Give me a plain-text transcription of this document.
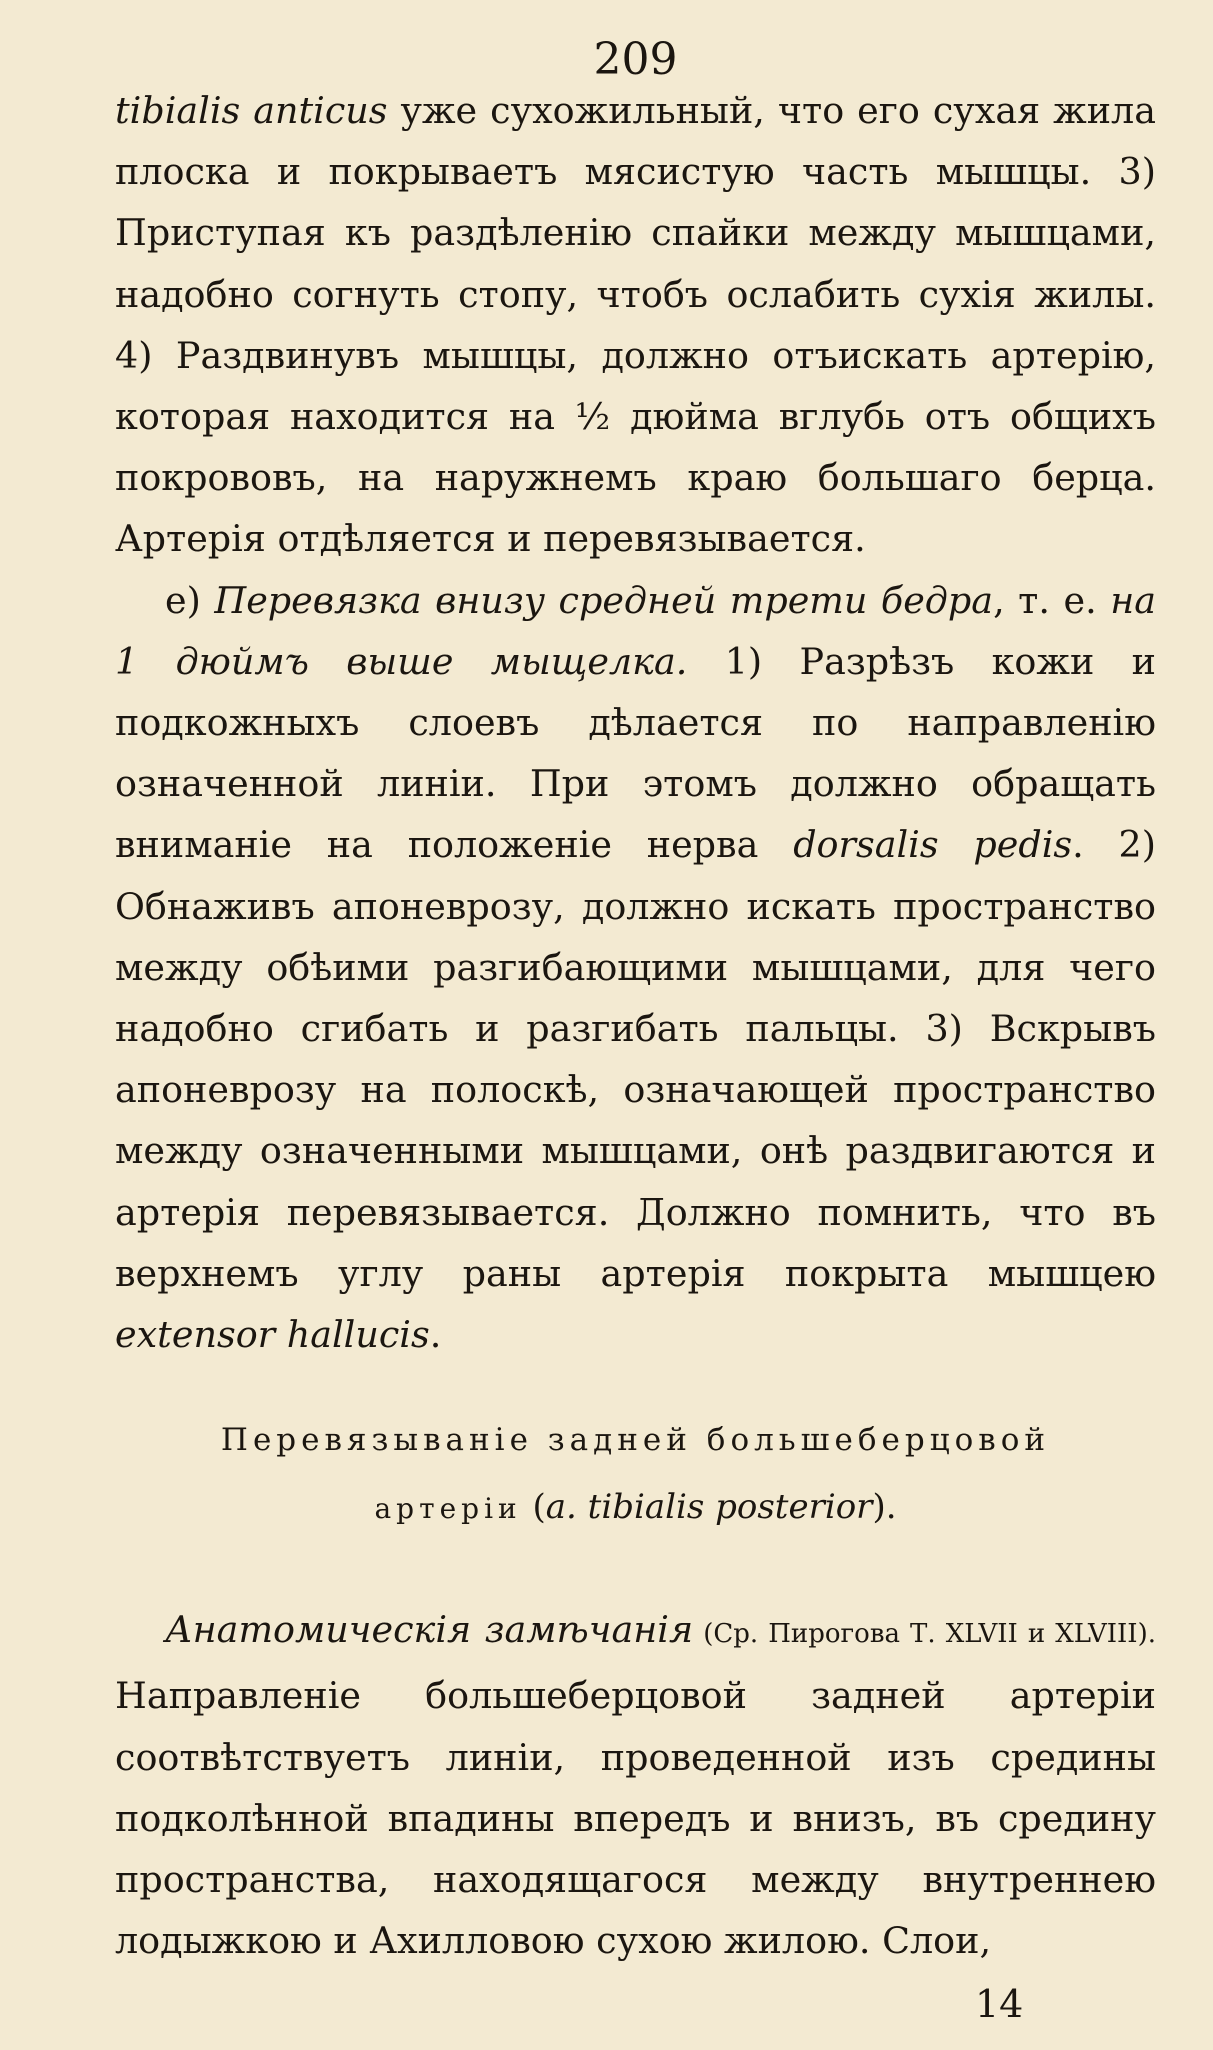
209

tibialis anticus уже сухожильный, что его сухая жила плоска и покрываетъ мясистую часть мышцы. 3) Приступая къ раздѣленію спайки между мышцами, надобно согнуть стопу, чтобъ ослабить сухія жилы. 4) Раздвинувъ мышцы, должно отъискать артерію, которая находится на ½ дюйма вглубь отъ общихъ покрововъ, на наружнемъ краю большаго берца. Артерія отдѣляется и перевязывается.

е) Перевязка внизу средней трети бедра, т. е. на 1 дюймъ выше мыщелка. 1) Разрѣзъ кожи и подкожныхъ слоевъ дѣлается по направленію означенной линіи. При этомъ должно обращать вниманіе на положеніе нерва dorsalis pedis. 2) Обнаживъ апоневрозу, должно искать пространство между обѣими разгибающими мышцами, для чего надобно сгибать и разгибать пальцы. 3) Вскрывъ апоневрозу на полоскѣ, означающей пространство между означенными мышцами, онѣ раздвигаются и артерія перевязывается. Должно помнить, что въ верхнемъ углу раны артерія покрыта мышцею extensor hallucis.

Перевязываніе задней большеберцовой
артеріи (a. tibialis posterior).

Анатомическія замѣчанія (Ср. Пирогова Т. XLVII и XLVIII). Направленіе большеберцовой задней артеріи соотвѣтствуетъ линіи, проведенной изъ средины подколѣнной впадины впередъ и внизъ, въ средину пространства, находящагося между внутреннею лодыжкою и Ахилловою сухою жилою. Слои,

14
